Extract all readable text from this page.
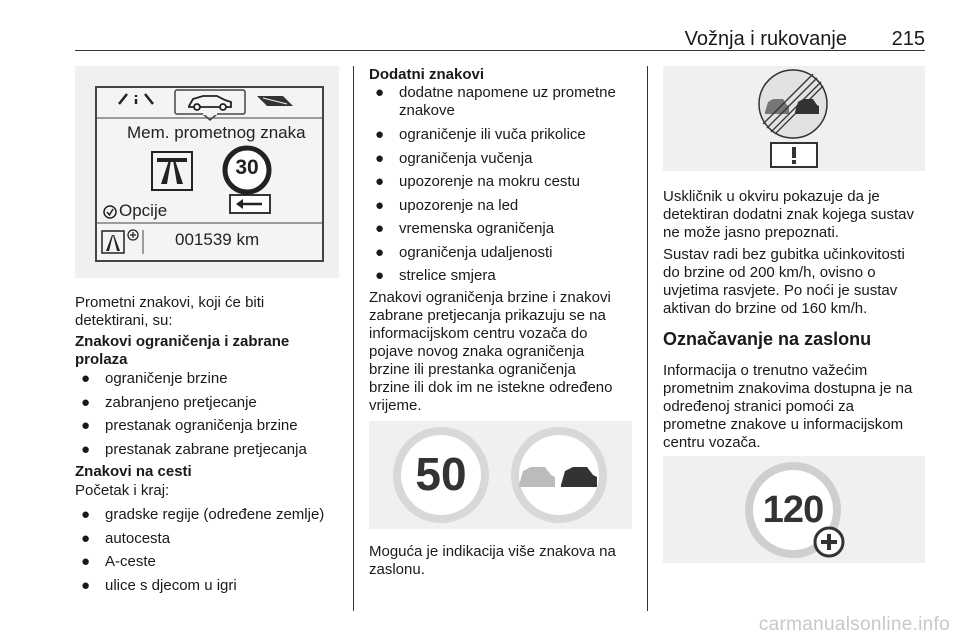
Vožnja i rukovanje 215
Mem. prometnog znaka
30
Opcije
001539 km
Prometni znakovi, koji će biti
detektirani, su:
Znakovi ograničenja i zabrane
prolaza
● ograničenje brzine
● zabranjeno pretjecanje
● prestanak ograničenja brzine
● prestanak zabrane pretjecanja
Znakovi na cesti
Početak i kraj:
● gradske regije (određene zemlje)
● autocesta
● A-ceste
● ulice s djecom u igri
Dodatni znakovi
● dodatne napomene uz prometne
znakove
● ograničenje ili vuča prikolice
● ograničenja vučenja
● upozorenje na mokru cestu
● upozorenje na led
● vremenska ograničenja
● ograničenja udaljenosti
● strelice smjera
Znakovi ograničenja brzine i znakovi
zabrane pretjecanja prikazuju se na
informacijskom centru vozača do
pojave novog znaka ograničenja
brzine ili prestanka ograničenja
brzine ili dok im ne istekne određeno
vrijeme.
50
Moguća je indikacija više znakova na
zaslonu.
Uskličnik u okviru pokazuje da je
detektiran dodatni znak kojega sustav
ne može jasno prepoznati.
Sustav radi bez gubitka učinkovitosti
do brzine od 200 km/h, ovisno o
uvjetima rasvjete. Po noći je sustav
aktivan do brzine od 160 km/h.
Označavanje na zaslonu
Informacija o trenutno važećim
prometnim znakovima dostupna je na
određenoj stranici pomoći za
prometne znakove u informacijskom
centru vozača.
120
carmanualsonline.info
